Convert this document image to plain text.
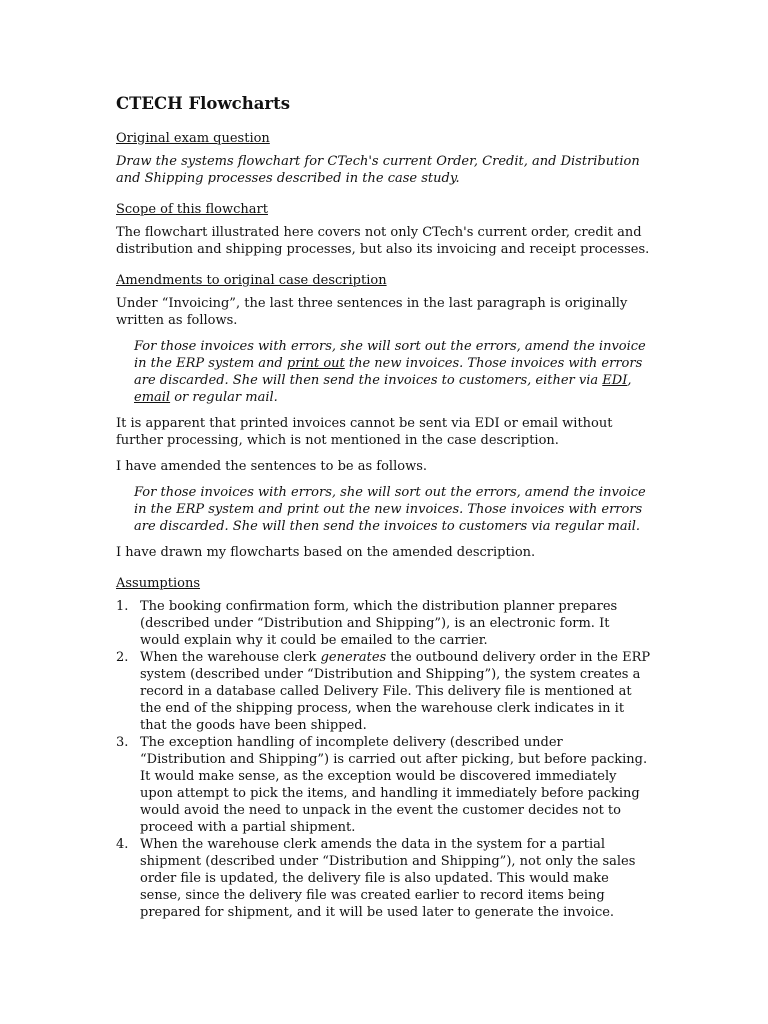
CTECH Flowcharts
Original exam question
Draw the systems flowchart for CTech's current Order, Credit, and Distribution and Shipping processes described in the case study.
Scope of this flowchart
The flowchart illustrated here covers not only CTech's current order, credit and distribution and shipping processes, but also its invoicing and receipt processes.
Amendments to original case description
Under “Invoicing”, the last three sentences in the last paragraph is originally written as follows.
For those invoices with errors, she will sort out the errors, amend the invoice in the ERP system and print out the new invoices. Those invoices with errors are discarded. She will then send the invoices to customers, either via EDI, email or regular mail.
It is apparent that printed invoices cannot be sent via EDI or email without further processing, which is not mentioned in the case description.
I have amended the sentences to be as follows.
For those invoices with errors, she will sort out the errors, amend the invoice in the ERP system and print out the new invoices. Those invoices with errors are discarded. She will then send the invoices to customers via regular mail.
I have drawn my flowcharts based on the amended description.
Assumptions
1. The booking confirmation form, which the distribution planner prepares (described under “Distribution and Shipping”), is an electronic form. It would explain why it could be emailed to the carrier.
2. When the warehouse clerk generates the outbound delivery order in the ERP system (described under “Distribution and Shipping”), the system creates a record in a database called Delivery File. This delivery file is mentioned at the end of the shipping process, when the warehouse clerk indicates in it that the goods have been shipped.
3. The exception handling of incomplete delivery (described under “Distribution and Shipping”) is carried out after picking, but before packing. It would make sense, as the exception would be discovered immediately upon attempt to pick the items, and handling it immediately before packing would avoid the need to unpack in the event the customer decides not to proceed with a partial shipment.
4. When the warehouse clerk amends the data in the system for a partial shipment (described under “Distribution and Shipping”), not only the sales order file is updated, the delivery file is also updated. This would make sense, since the delivery file was created earlier to record items being prepared for shipment, and it will be used later to generate the invoice.
